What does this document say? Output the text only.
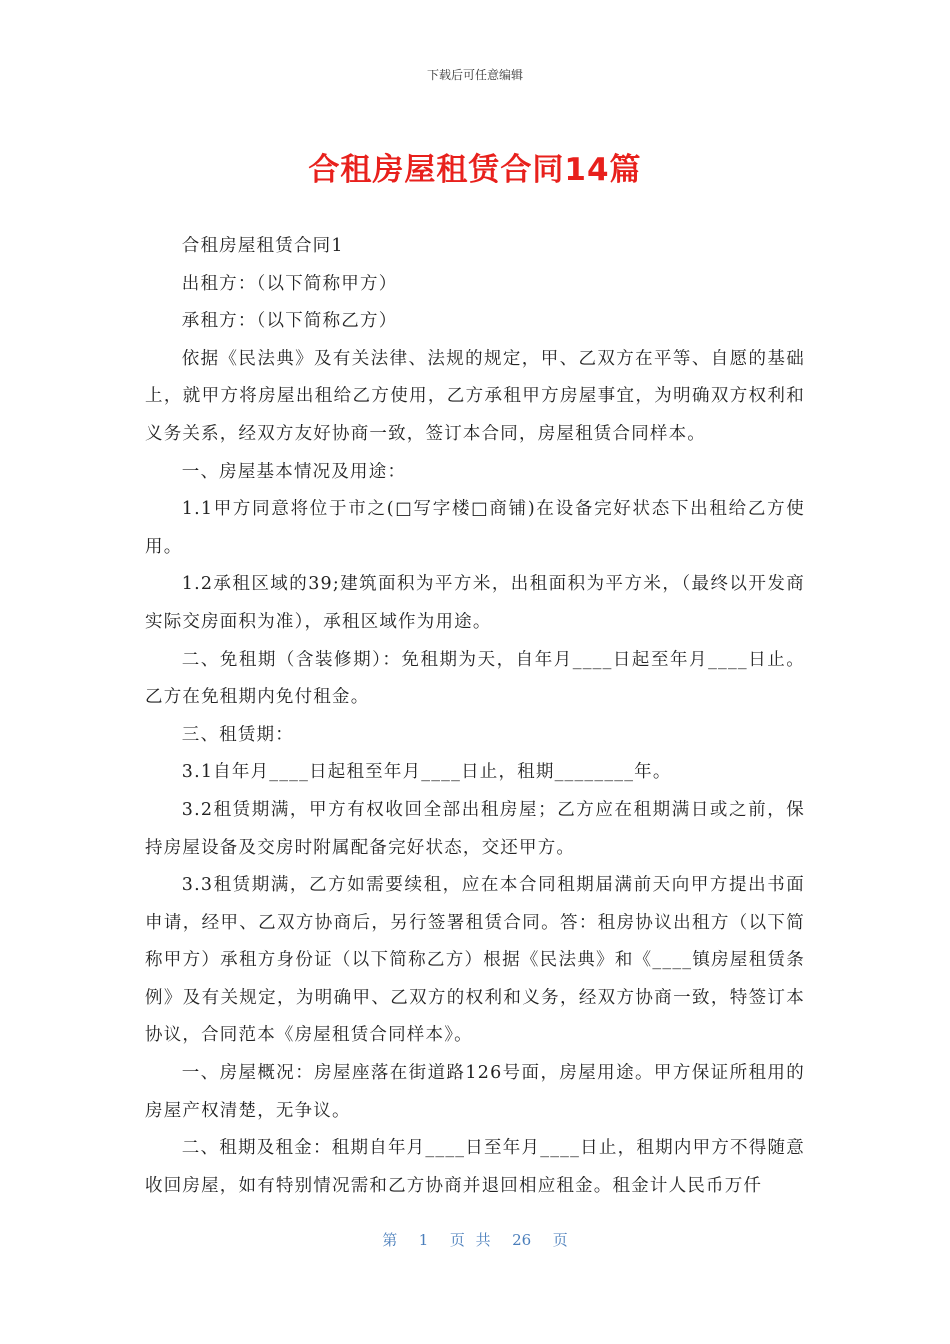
下载后可任意编辑
合租房屋租赁合同14篇

合租房屋租赁合同1

出租方：（以下简称甲方）

承租方：（以下简称乙方）

依据《民法典》及有关法律、法规的规定，甲、乙双方在平等、自愿的基础上，就甲方将房屋出租给乙方使用，乙方承租甲方房屋事宜，为明确双方权利和义务关系，经双方友好协商一致，签订本合同，房屋租赁合同样本。

一、房屋基本情况及用途：

1.1甲方同意将位于市之(□写字楼□商铺)在设备完好状态下出租给乙方使用。

1.2承租区域的39;建筑面积为平方米，出租面积为平方米，（最终以开发商实际交房面积为准），承租区域作为用途。

二、免租期（含装修期）：免租期为天，自年月____日起至年月____日止。乙方在免租期内免付租金。

三、租赁期：

3.1自年月____日起租至年月____日止，租期________年。

3.2租赁期满，甲方有权收回全部出租房屋；乙方应在租期满日或之前，保持房屋设备及交房时附属配备完好状态，交还甲方。

3.3租赁期满，乙方如需要续租，应在本合同租期届满前天向甲方提出书面申请，经甲、乙双方协商后，另行签署租赁合同。答：租房协议出租方（以下简称甲方）承租方身份证（以下简称乙方）根据《民法典》和《____镇房屋租赁条例》及有关规定，为明确甲、乙双方的权利和义务，经双方协商一致，特签订本协议，合同范本《房屋租赁合同样本》。

一、房屋概况：房屋座落在街道路126号面，房屋用途。甲方保证所租用的房屋产权清楚，无争议。

二、租期及租金：租期自年月____日至年月____日止，租期内甲方不得随意收回房屋，如有特别情况需和乙方协商并退回相应租金。租金计人民币万仟

第  1  页 共  26  页
